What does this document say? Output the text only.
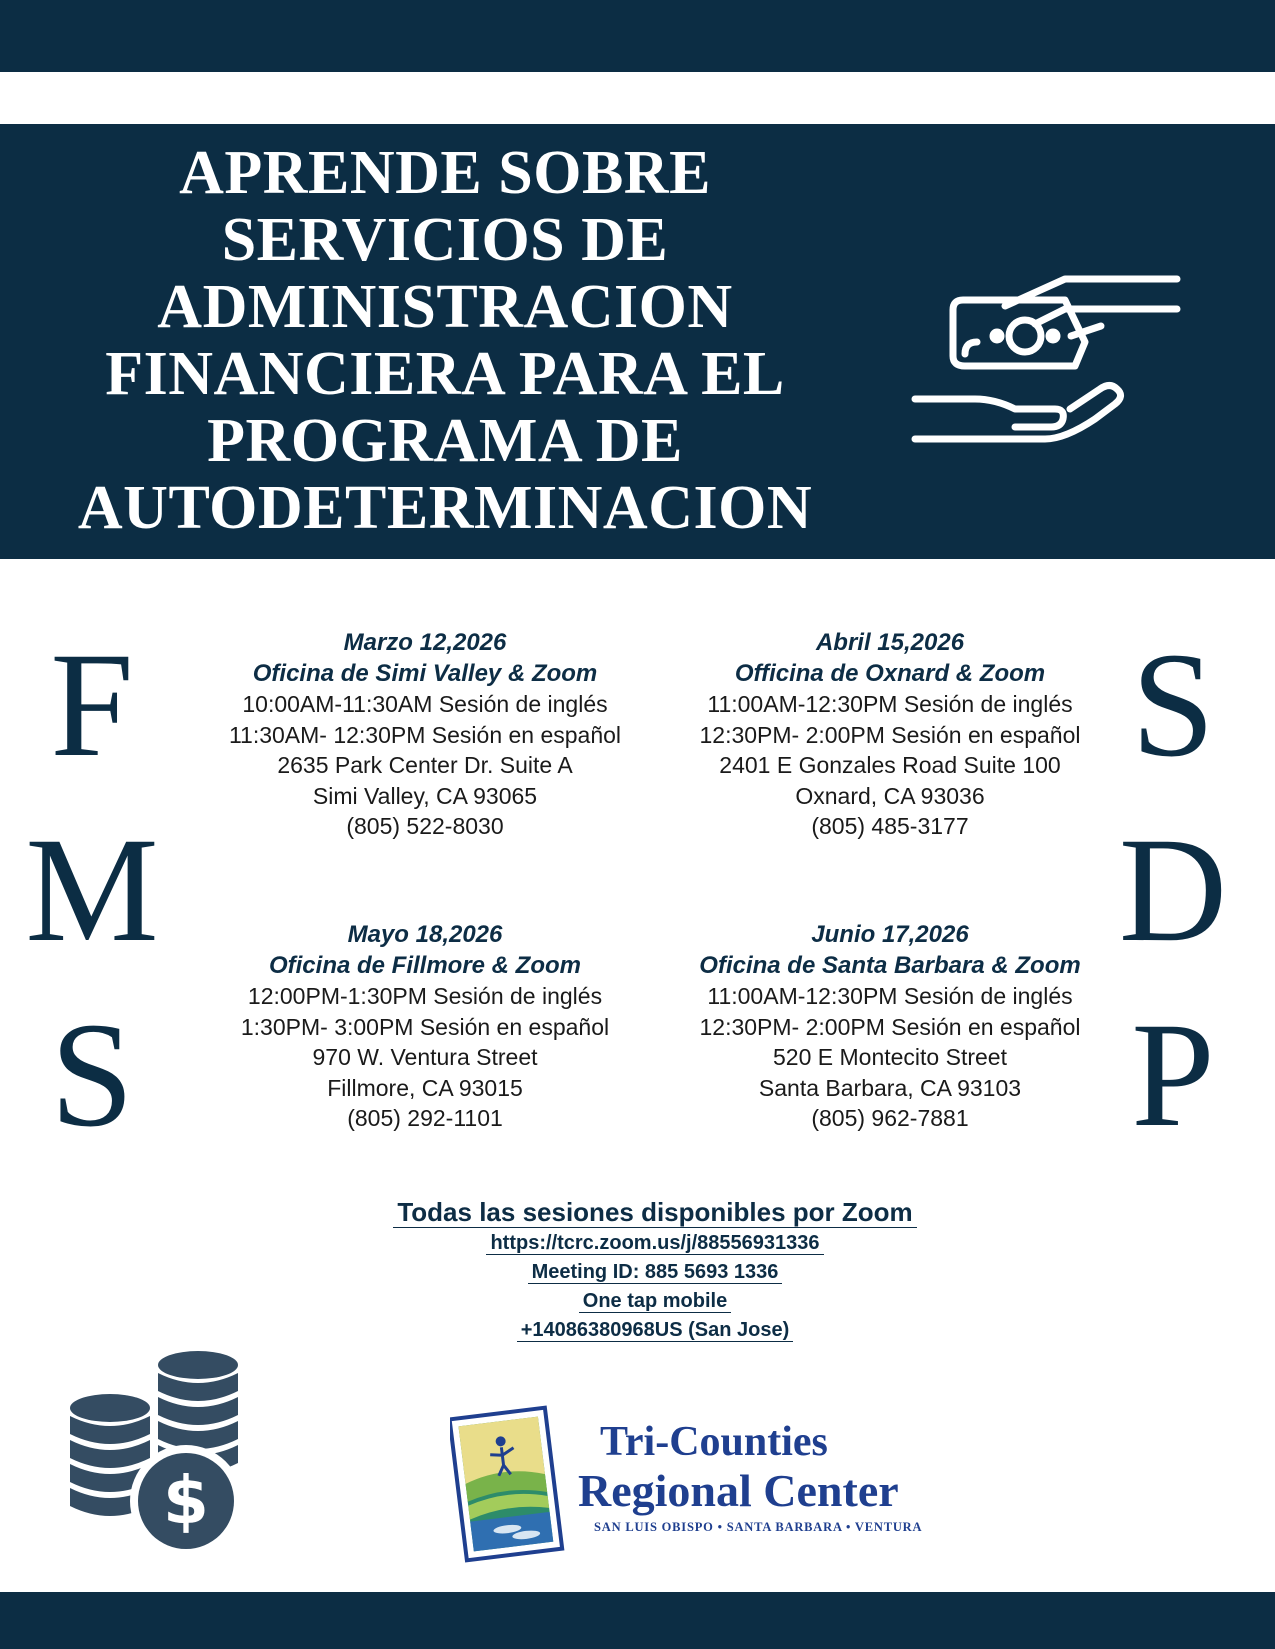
APRENDE SOBRE
SERVICIOS DE
ADMINISTRACION
FINANCIERA PARA EL
PROGRAMA DE
AUTODETERMINACION
F
M
S
S
D
P
Marzo 12,2026
Oficina de Simi Valley & Zoom
10:00AM-11:30AM Sesión de inglés
11:30AM- 12:30PM Sesión en español
2635 Park Center Dr. Suite A
Simi Valley, CA 93065
(805) 522-8030
Abril 15,2026
Officina de Oxnard & Zoom
11:00AM-12:30PM Sesión de inglés
12:30PM- 2:00PM Sesión en español
2401 E Gonzales Road Suite 100
Oxnard, CA 93036
(805) 485-3177
Mayo 18,2026
Oficina de Fillmore & Zoom
12:00PM-1:30PM Sesión de inglés
1:30PM- 3:00PM Sesión en español
970 W. Ventura Street
Fillmore, CA 93015
(805) 292-1101
Junio 17,2026
Oficina de Santa Barbara & Zoom
11:00AM-12:30PM Sesión de inglés
12:30PM- 2:00PM Sesión en español
520 E Montecito Street
Santa Barbara, CA 93103
(805) 962-7881
Todas las sesiones disponibles por Zoom
https://tcrc.zoom.us/j/88556931336
Meeting ID: 885 5693 1336
One tap mobile
+14086380968US (San Jose)
$
Tri-Counties
Regional Center
SAN LUIS OBISPO • SANTA BARBARA • VENTURA
